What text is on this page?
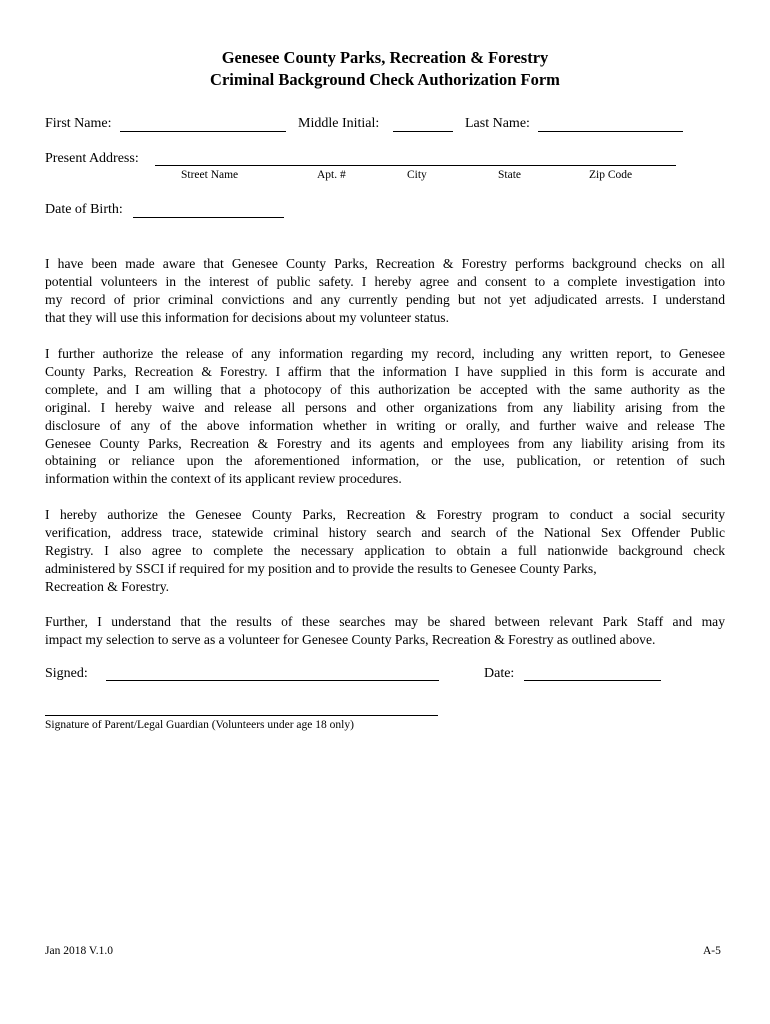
Genesee County Parks, Recreation & Forestry
Criminal Background Check Authorization Form
First Name:	Middle Initial:	Last Name:
Present Address:
Street Name	Apt. #	City	State	Zip Code
Date of Birth:
I have been made aware that Genesee County Parks, Recreation & Forestry performs background checks on all
potential volunteers in the interest of public safety. I hereby agree and consent to a complete investigation into
my record of prior criminal convictions and any currently pending but not yet adjudicated arrests. I understand
that they will use this information for decisions about my volunteer status.
I further authorize the release of any information regarding my record, including any written report, to Genesee
County Parks, Recreation & Forestry. I affirm that the information I have supplied in this form is accurate and
complete, and I am willing that a photocopy of this authorization be accepted with the same authority as the
original. I hereby waive and release all persons and other organizations from any liability arising from the
disclosure of any of the above information whether in writing or orally, and further waive and release The
Genesee County Parks, Recreation & Forestry and its agents and employees from any liability arising from its
obtaining or reliance upon the aforementioned information, or the use, publication, or retention of such
information within the context of its applicant review procedures.
I hereby authorize the Genesee County Parks, Recreation & Forestry program to conduct a social security
verification, address trace, statewide criminal history search and search of the National Sex Offender Public
Registry. I also agree to complete the necessary application to obtain a full nationwide background check
administered by SSCI if required for my position and to provide the results to Genesee County Parks,
Recreation & Forestry.
Further, I understand that the results of these searches may be shared between relevant Park Staff and may
impact my selection to serve as a volunteer for Genesee County Parks, Recreation & Forestry as outlined above.
Signed:	Date:
Signature of Parent/Legal Guardian (Volunteers under age 18 only)
Jan 2018 V.1.0	A-5
